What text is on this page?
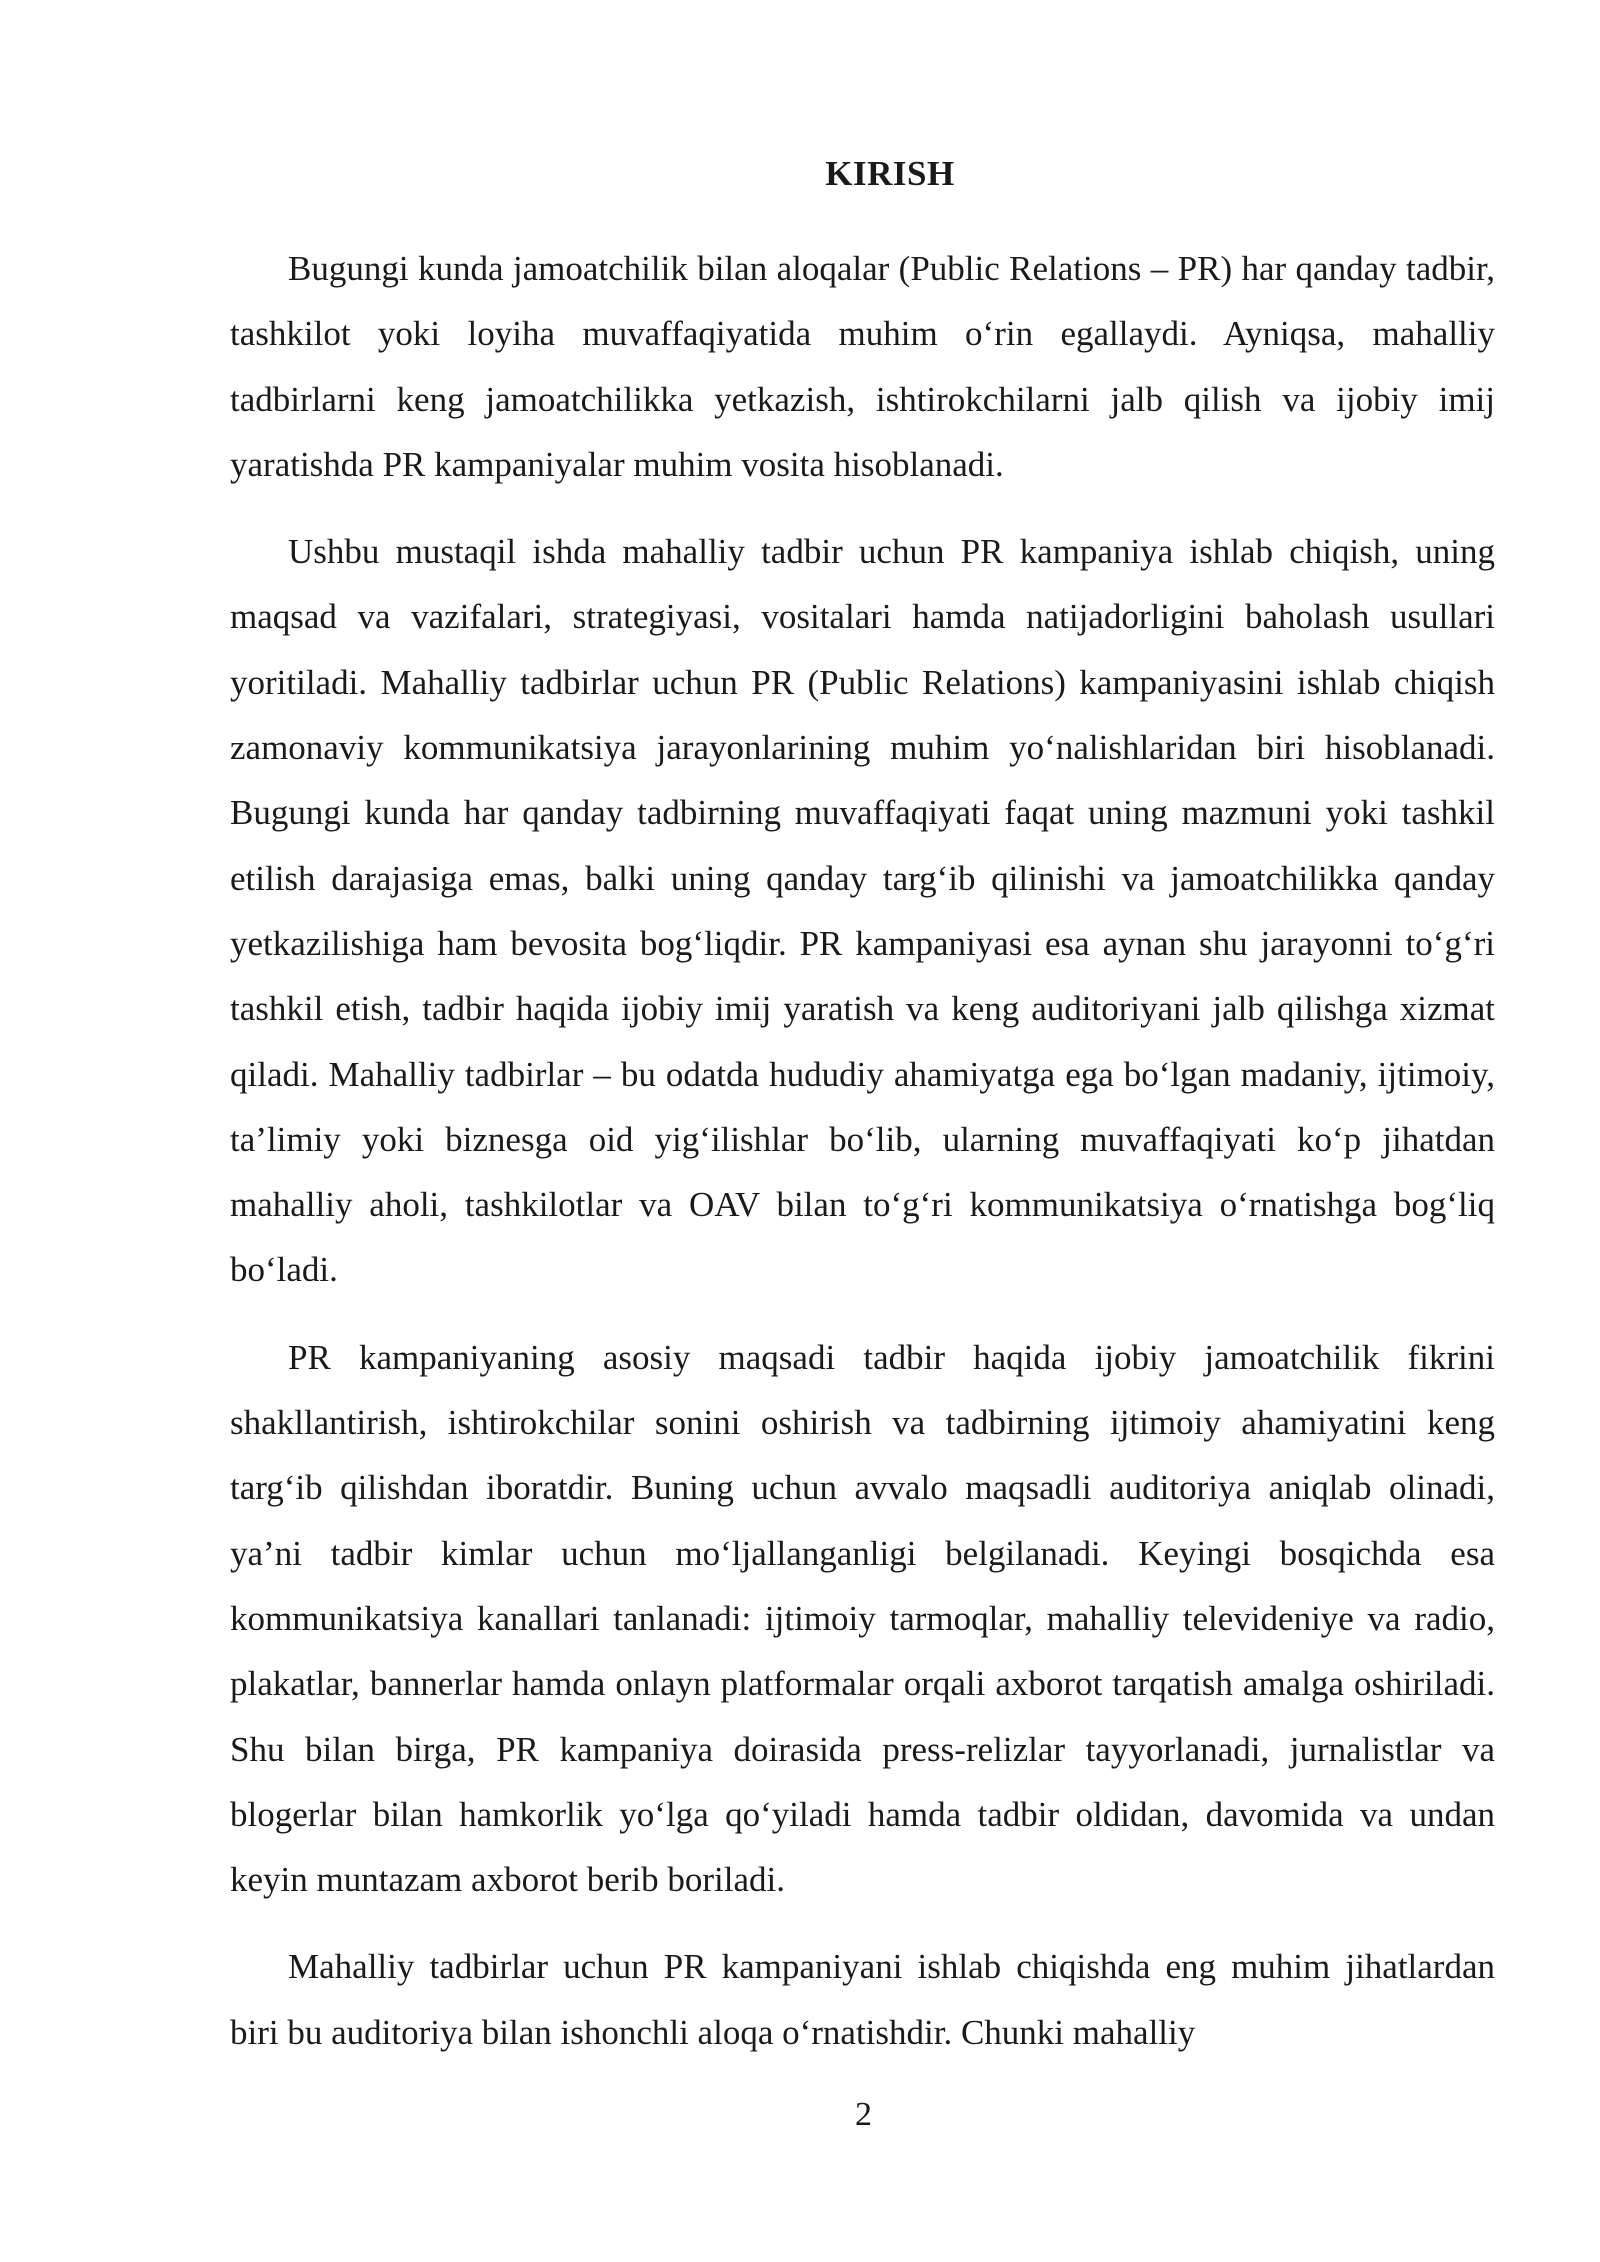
KIRISH

Bugungi kunda jamoatchilik bilan aloqalar (Public Relations – PR) har qanday tadbir, tashkilot yoki loyiha muvaffaqiyatida muhim o‘rin egallaydi. Ayniqsa, mahalliy tadbirlarni keng jamoatchilikka yetkazish, ishtirokchilarni jalb qilish va ijobiy imij yaratishda PR kampaniyalar muhim vosita hisoblanadi.

Ushbu mustaqil ishda mahalliy tadbir uchun PR kampaniya ishlab chiqish, uning maqsad va vazifalari, strategiyasi, vositalari hamda natijadorligini baholash usullari yoritiladi. Mahalliy tadbirlar uchun PR (Public Relations) kampaniyasini ishlab chiqish zamonaviy kommunikatsiya jarayonlarining muhim yo‘nalishlaridan biri hisoblanadi. Bugungi kunda har qanday tadbirning muvaffaqiyati faqat uning mazmuni yoki tashkil etilish darajasiga emas, balki uning qanday targ‘ib qilinishi va jamoatchilikka qanday yetkazilishiga ham bevosita bog‘liqdir. PR kampaniyasi esa aynan shu jarayonni to‘g‘ri tashkil etish, tadbir haqida ijobiy imij yaratish va keng auditoriyani jalb qilishga xizmat qiladi. Mahalliy tadbirlar – bu odatda hududiy ahamiyatga ega bo‘lgan madaniy, ijtimoiy, ta’limiy yoki biznesga oid yig‘ilishlar bo‘lib, ularning muvaffaqiyati ko‘p jihatdan mahalliy aholi, tashkilotlar va OAV bilan to‘g‘ri kommunikatsiya o‘rnatishga bog‘liq bo‘ladi.

PR kampaniyaning asosiy maqsadi tadbir haqida ijobiy jamoatchilik fikrini shakllantirish, ishtirokchilar sonini oshirish va tadbirning ijtimoiy ahamiyatini keng targ‘ib qilishdan iboratdir. Buning uchun avvalo maqsadli auditoriya aniqlab olinadi, ya’ni tadbir kimlar uchun mo‘ljallanganligi belgilanadi. Keyingi bosqichda esa kommunikatsiya kanallari tanlanadi: ijtimoiy tarmoqlar, mahalliy televideniye va radio, plakatlar, bannerlar hamda onlayn platformalar orqali axborot tarqatish amalga oshiriladi. Shu bilan birga, PR kampaniya doirasida press-relizlar tayyorlanadi, jurnalistlar va blogerlar bilan hamkorlik yo‘lga qo‘yiladi hamda tadbir oldidan, davomida va undan keyin muntazam axborot berib boriladi.

Mahalliy tadbirlar uchun PR kampaniyani ishlab chiqishda eng muhim jihatlardan biri bu auditoriya bilan ishonchli aloqa o‘rnatishdir. Chunki mahalliy

2
